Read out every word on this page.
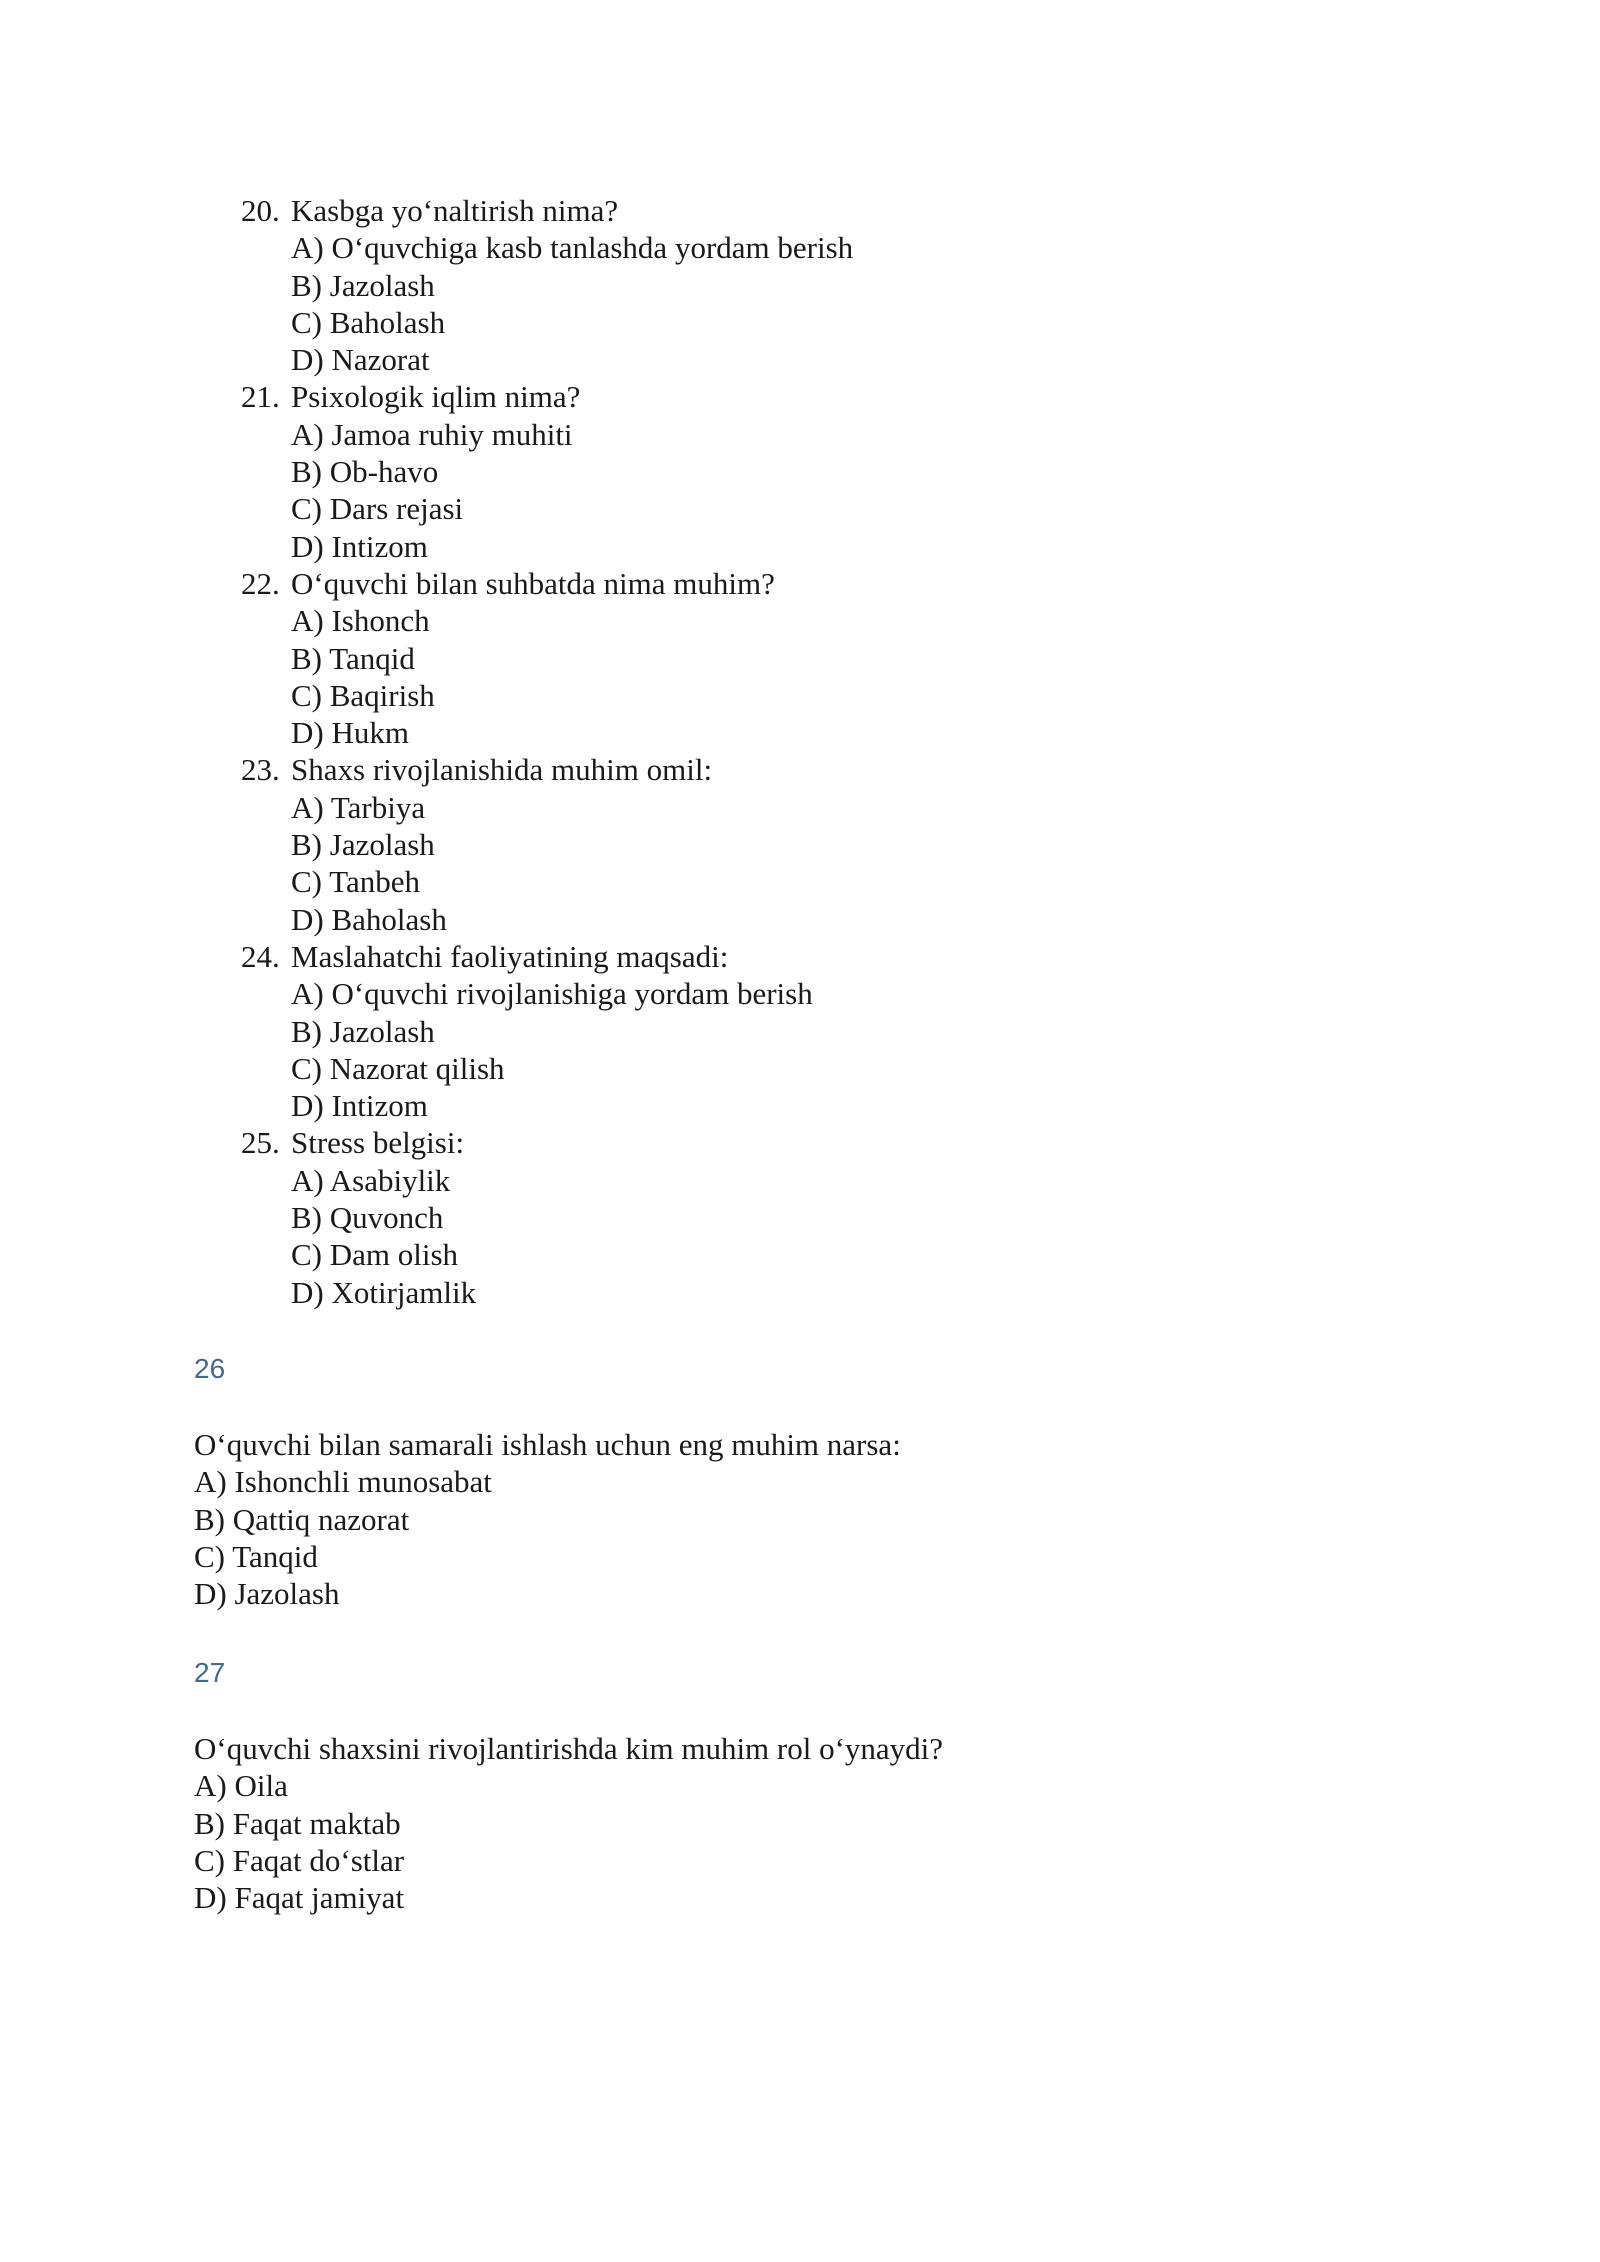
20. Kasbga yo‘naltirish nima?
A) O‘quvchiga kasb tanlashda yordam berish
B) Jazolash
C) Baholash
D) Nazorat
21. Psixologik iqlim nima?
A) Jamoa ruhiy muhiti
B) Ob-havo
C) Dars rejasi
D) Intizom
22. O‘quvchi bilan suhbatda nima muhim?
A) Ishonch
B) Tanqid
C) Baqirish
D) Hukm
23. Shaxs rivojlanishida muhim omil:
A) Tarbiya
B) Jazolash
C) Tanbeh
D) Baholash
24. Maslahatchi faoliyatining maqsadi:
A) O‘quvchi rivojlanishiga yordam berish
B) Jazolash
C) Nazorat qilish
D) Intizom
25. Stress belgisi:
A) Asabiylik
B) Quvonch
C) Dam olish
D) Xotirjamlik
26
O‘quvchi bilan samarali ishlash uchun eng muhim narsa:
A) Ishonchli munosabat
B) Qattiq nazorat
C) Tanqid
D) Jazolash
27
O‘quvchi shaxsini rivojlantirishda kim muhim rol o‘ynaydi?
A) Oila
B) Faqat maktab
C) Faqat do‘stlar
D) Faqat jamiyat
